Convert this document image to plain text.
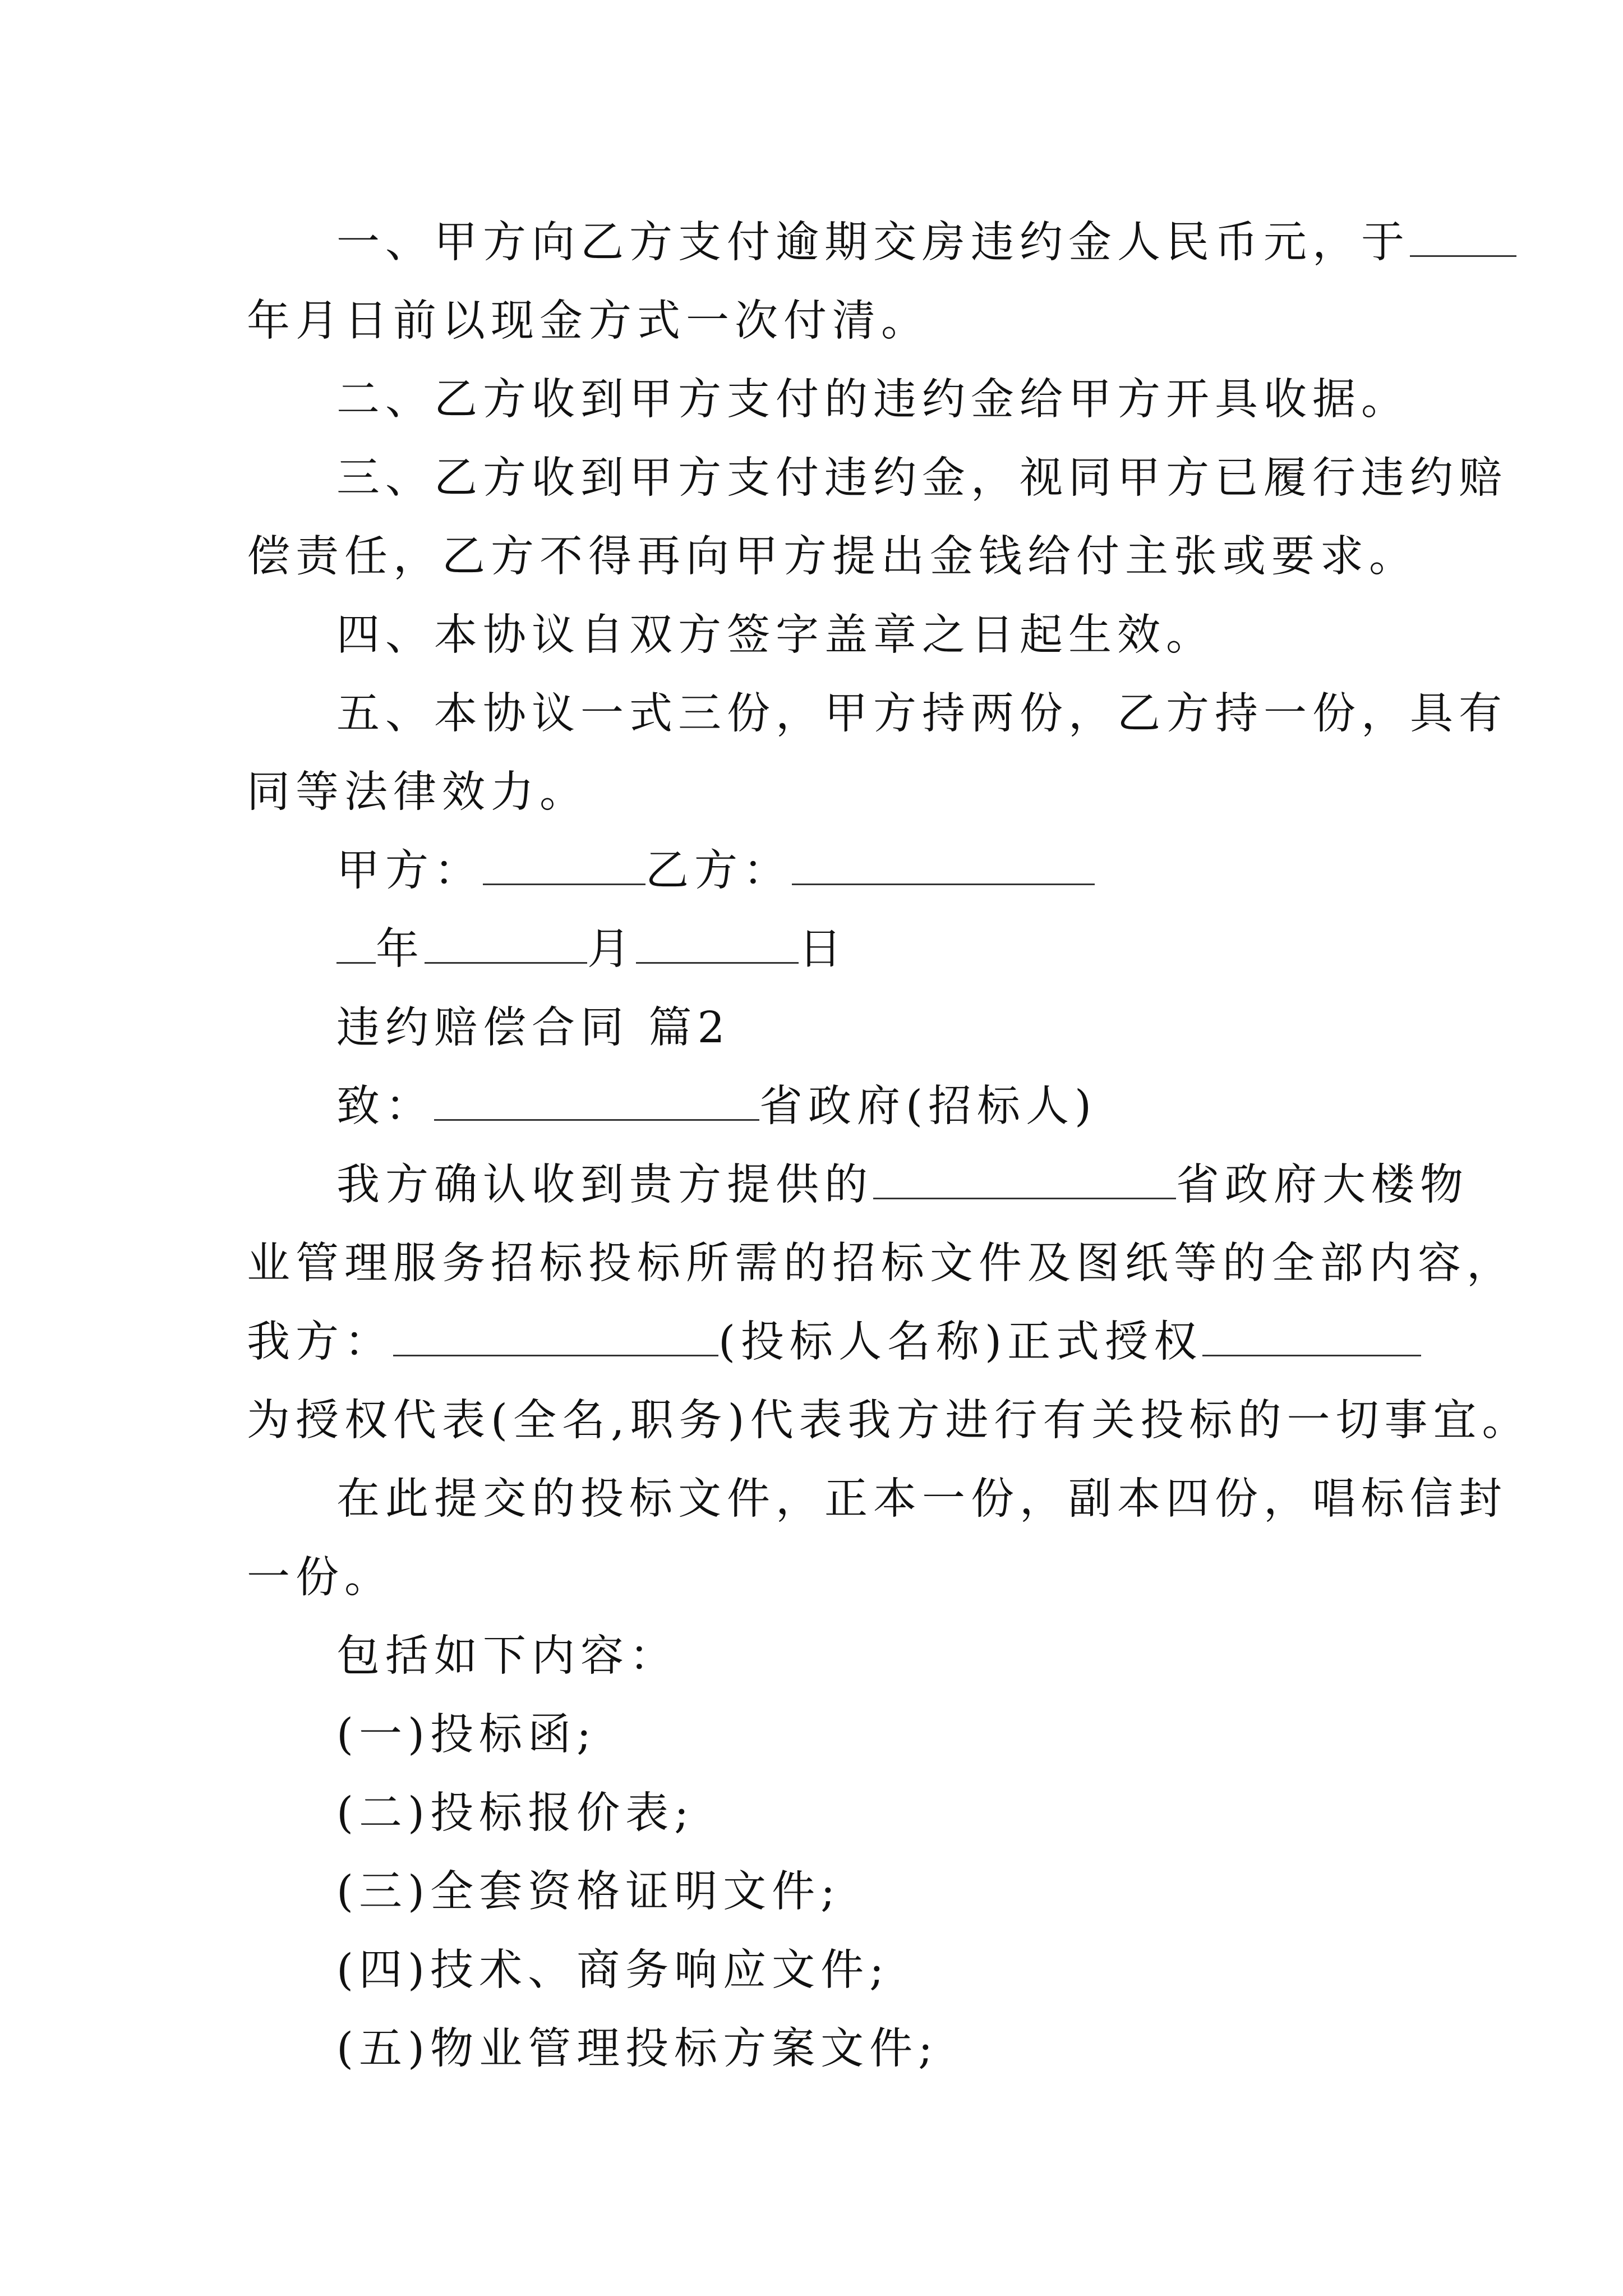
一、甲方向乙方支付逾期交房违约金人民币元，于
年月日前以现金方式一次付清。
二、乙方收到甲方支付的违约金给甲方开具收据。
三、乙方收到甲方支付违约金，视同甲方已履行违约赔
偿责任，乙方不得再向甲方提出金钱给付主张或要求。
四、本协议自双方签字盖章之日起生效。
五、本协议一式三份，甲方持两份，乙方持一份，具有
同等法律效力。
甲方：	乙方：
年	月	日
违约赔偿合同 篇2
致：	省政府(招标人)
我方确认收到贵方提供的	省政府大楼物
业管理服务招标投标所需的招标文件及图纸等的全部内容，
我方：	(投标人名称)正式授权
为授权代表(全名,职务)代表我方进行有关投标的一切事宜。
在此提交的投标文件，正本一份，副本四份，唱标信封
一份。
包括如下内容：
(一)投标函;
(二)投标报价表;
(三)全套资格证明文件;
(四)技术、商务响应文件;
(五)物业管理投标方案文件;
